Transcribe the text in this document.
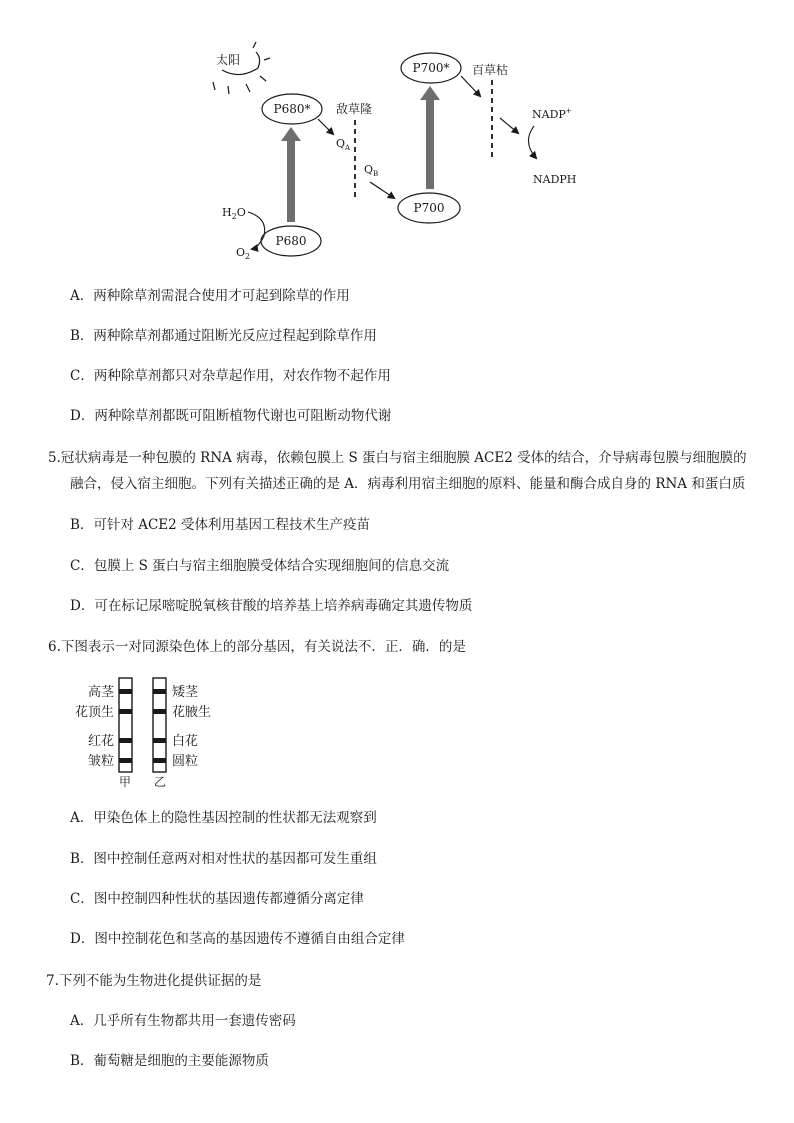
太阳
P680*
P680
$H_2O$
$O_2$
$Q_A$
敌草隆
$Q_B$
P700
P700* 百草枯
NADP+
NADPH
A．两种除草剂需混合使用才可起到除草的作用
B．两种除草剂都通过阻断光反应过程起到除草作用
C．两种除草剂都只对杂草起作用，对农作物不起作用
D．两种除草剂都既可阻断植物代谢也可阻断动物代谢
5.冠状病毒是一种包膜的 RNA 病毒，依赖包膜上 S 蛋白与宿主细胞膜 ACE2 受体的结合，介导病毒包膜与细胞膜的
融合，侵入宿主细胞。下列有关描述正确的是 A．病毒利用宿主细胞的原料、能量和酶合成自身的 RNA 和蛋白质
B．可针对 ACE2 受体利用基因工程技术生产疫苗
C．包膜上 S 蛋白与宿主细胞膜受体结合实现细胞间的信息交流
D．可在标记尿嘧啶脱氧核苷酸的培养基上培养病毒确定其遗传物质
6.下图表示一对同源染色体上的部分基因，有关说法不．正．确．的是
高茎
花顶生
红花
皱粒
矮茎
花腋生
白花
圆粒
甲 乙
A．甲染色体上的隐性基因控制的性状都无法观察到
B．图中控制任意两对相对性状的基因都可发生重组
C．图中控制四种性状的基因遗传都遵循分离定律
D．图中控制花色和茎高的基因遗传不遵循自由组合定律
7.下列不能为生物进化提供证据的是
A．几乎所有生物都共用一套遗传密码
B．葡萄糖是细胞的主要能源物质
